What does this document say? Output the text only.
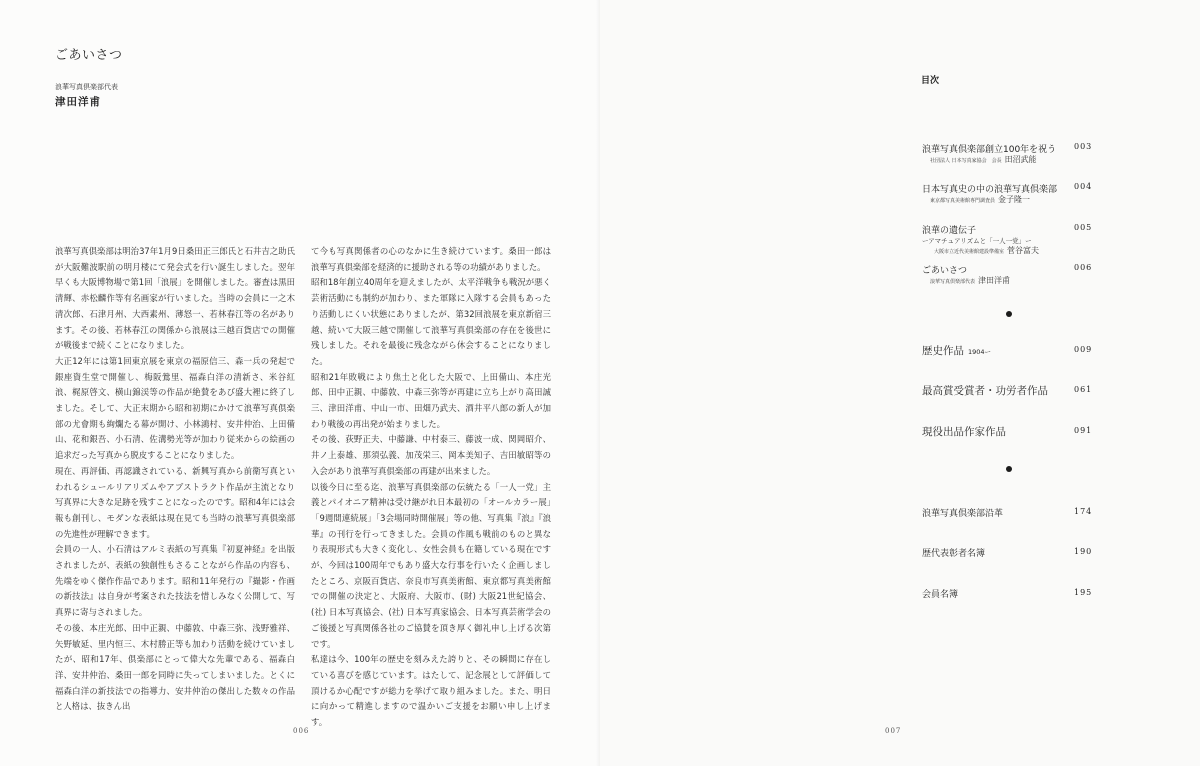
ごあいさつ
浪華写真倶楽部代表
津田洋甫

浪華写真倶楽部は明治37年1月9日桑田正三郎氏と石井吉之助氏が大阪難波駅前の明月楼にて発会式を行い誕生しました。翌年早くも大阪博物場で第1回「浪展」を開催しました。審査は黒田清輝、赤松麟作等有名画家が行いました。当時の会員に一之木清次郎、石津月州、大西素州、薄怒一、若林春江等の名があります。その後、若林春江の関係から浪展は三越百貨店での開催が戦後まで続くことになりました。

大正12年には第1回東京展を東京の福原信三、森一兵の発起で銀座資生堂で開催し、梅阪鶯里、福森白洋の清新さ、米谷紅浪、梶原啓文、横山錦渓等の作品が絶賛をあび盛大裡に終了しました。そして、大正末期から昭和初期にかけて浪華写真倶楽部の尤會期も絢爛たる幕が開け、小林鴻村、安井仲治、上田備山、花和銀吾、小石清、佐溝勢光等が加わり従来からの絵画の追求だった写真から脱皮することになりました。

現在、再評価、再認識されている、新興写真から前衛写真といわれるシュールリアリズムやアブストラクト作品が主流となり写真界に大きな足跡を残すことになったのです。昭和4年には会報も創刊し、モダンな表紙は現在見ても当時の浪華写真倶楽部の先進性が理解できます。

会員の一人、小石清はアルミ表紙の写真集『初夏神経』を出版されましたが、表紙の独創性もさることながら作品の内容も、先端をゆく傑作作品であります。昭和11年発行の『撮影・作画の新技法』は自身が考案された技法を惜しみなく公開して、写真界に寄与されました。

その後、本庄光郎、田中正親、中藤敦、中森三弥、浅野雅祥、矢野敏延、里内恒三、木村勝正等も加わり活動を続けていましたが、昭和17年、倶楽部にとって偉大な先輩である、福森白洋、安井仲治、桑田一郎を同時に失ってしまいました。とくに福森白洋の新技法での指導力、安井仲治の傑出した数々の作品と人格は、抜きん出

て今も写真関係者の心のなかに生き続けています。桑田一郎は浪華写真倶楽部を経済的に援助される等の功績がありました。

昭和18年創立40周年を迎えましたが、太平洋戦争も戦況が悪く芸術活動にも制約が加わり、また軍隊に入隊する会員もあったり活動しにくい状態にありましたが、第32回浪展を東京新宿三越、続いて大阪三越で開催して浪華写真倶楽部の存在を後世に残しました。それを最後に残念ながら休会することになりました。

昭和21年敗戦により焦土と化した大阪で、上田備山、本庄光郎、田中正親、中藤敦、中森三弥等が再建に立ち上がり高田誠三、津田洋甫、中山一市、田畑乃武夫、酒井平八郎の新人が加わり戦後の再出発が始まりました。

その後、荻野正夫、中藤謙、中村泰三、藤波一成、関岡昭介、井ノ上泰雄、那須弘義、加茂栄三、岡本美知子、吉田敏昭等の入会があり浪華写真倶楽部の再建が出来ました。

以後今日に至る迄、浪華写真倶楽部の伝統たる「一人一党」主義とパイオニア精神は受け継がれ日本最初の「オールカラー展」「9週間連続展」「3会場同時開催展」等の他、写真集『浪』『浪華』の刊行を行ってきました。会員の作風も戦前のものと異なり表現形式も大きく変化し、女性会員も在籍している現在ですが、今回は100周年でもあり盛大な行事を行いたく企画しましたところ、京阪百貨店、奈良市写真美術館、東京都写真美術館での開催の決定と、大阪府、大阪市、(財) 大阪21世紀協会、(社) 日本写真協会、(社) 日本写真家協会、日本写真芸術学会のご後援と写真関係各社のご協賛を頂き厚く御礼申し上げる次第です。

私達は今、100年の歴史を刻みえた誇りと、その瞬間に存在している喜びを感じています。はたして、記念展として評価して頂けるか心配ですが総力を挙げて取り組みました。また、明日に向かって精進しますので温かいご支援をお願い申し上げます。

006
目次
浪華写真倶楽部創立100年を祝う
社団法人 日本写真家協会　会長 田沼武能
003
日本写真史の中の浪華写真倶楽部
東京都写真美術館専門調査員 金子隆一
004
浪華の遺伝子
ーアマチュアリズムと「一人一党」ー
大阪市立近代美術館建設準備室 菅谷富夫
005
ごあいさつ
浪華写真倶楽部代表 津田洋甫
006
歴史作品 1904ー	009
最高賞受賞者・功労者作品	061
現役出品作家作品	091
浪華写真倶楽部沿革	174
歴代表彰者名簿	190
会員名簿	195
007
